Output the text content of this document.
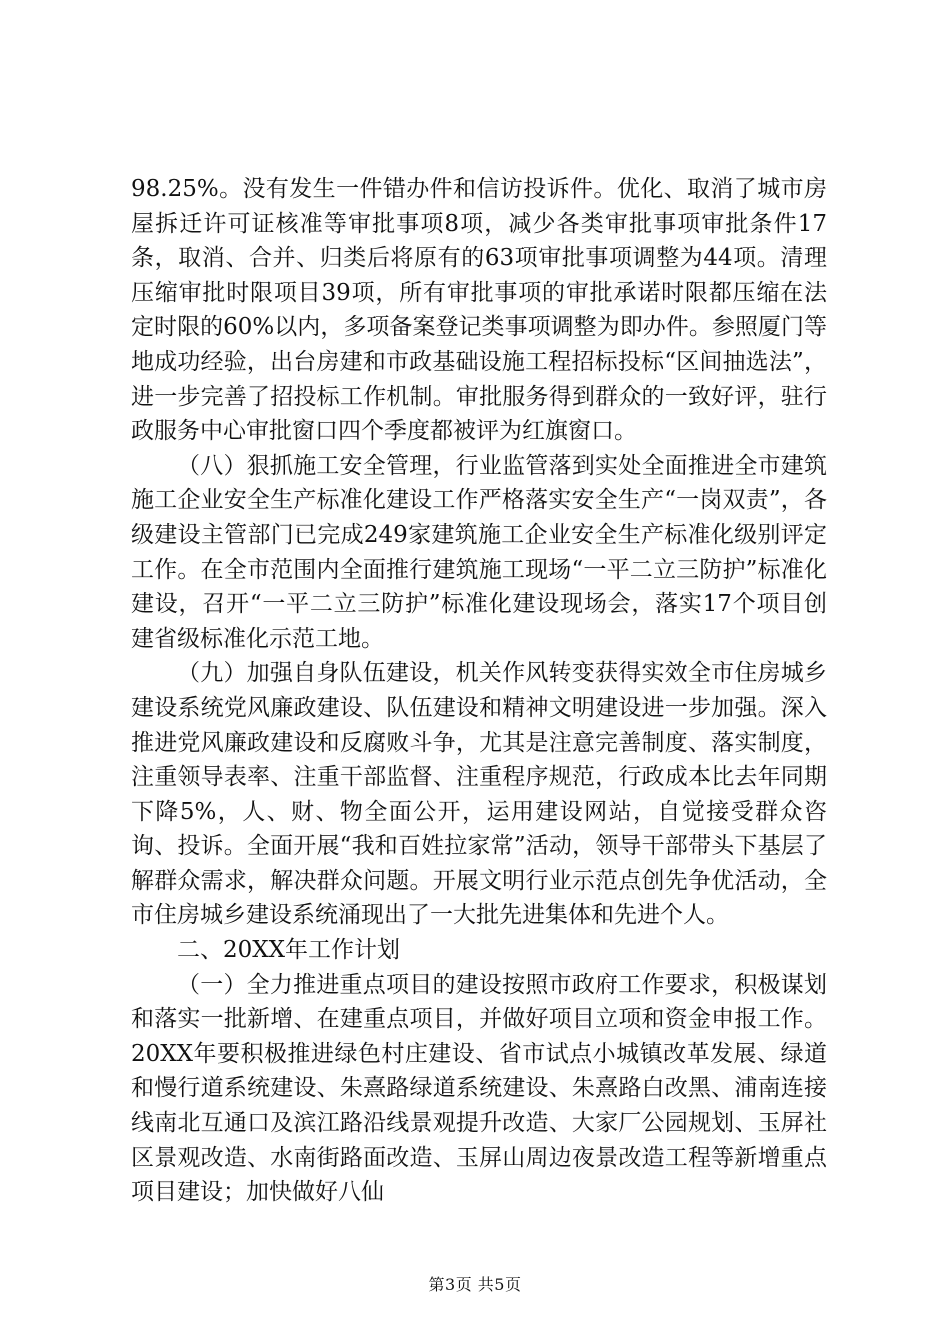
98.25%。没有发生一件错办件和信访投诉件。优化、取消了城市房屋拆迁许可证核准等审批事项8项，减少各类审批事项审批条件17条，取消、合并、归类后将原有的63项审批事项调整为44项。清理压缩审批时限项目39项，所有审批事项的审批承诺时限都压缩在法定时限的60%以内，多项备案登记类事项调整为即办件。参照厦门等地成功经验，出台房建和市政基础设施工程招标投标“区间抽选法”，进一步完善了招投标工作机制。审批服务得到群众的一致好评，驻行政服务中心审批窗口四个季度都被评为红旗窗口。

（八）狠抓施工安全管理，行业监管落到实处全面推进全市建筑施工企业安全生产标准化建设工作严格落实安全生产“一岗双责”，各级建设主管部门已完成249家建筑施工企业安全生产标准化级别评定工作。在全市范围内全面推行建筑施工现场“一平二立三防护”标准化建设，召开“一平二立三防护”标准化建设现场会，落实17个项目创建省级标准化示范工地。

（九）加强自身队伍建设，机关作风转变获得实效全市住房城乡建设系统党风廉政建设、队伍建设和精神文明建设进一步加强。深入推进党风廉政建设和反腐败斗争，尤其是注意完善制度、落实制度，注重领导表率、注重干部监督、注重程序规范，行政成本比去年同期下降5%，人、财、物全面公开，运用建设网站，自觉接受群众咨询、投诉。全面开展“我和百姓拉家常”活动，领导干部带头下基层了解群众需求，解决群众问题。开展文明行业示范点创先争优活动，全市住房城乡建设系统涌现出了一大批先进集体和先进个人。

二、20XX年工作计划

（一）全力推进重点项目的建设按照市政府工作要求，积极谋划和落实一批新增、在建重点项目，并做好项目立项和资金申报工作。20XX年要积极推进绿色村庄建设、省市试点小城镇改革发展、绿道和慢行道系统建设、朱熹路绿道系统建设、朱熹路白改黑、浦南连接线南北互通口及滨江路沿线景观提升改造、大家厂公园规划、玉屏社区景观改造、水南街路面改造、玉屏山周边夜景改造工程等新增重点项目建设；加快做好八仙

第3页 共5页
